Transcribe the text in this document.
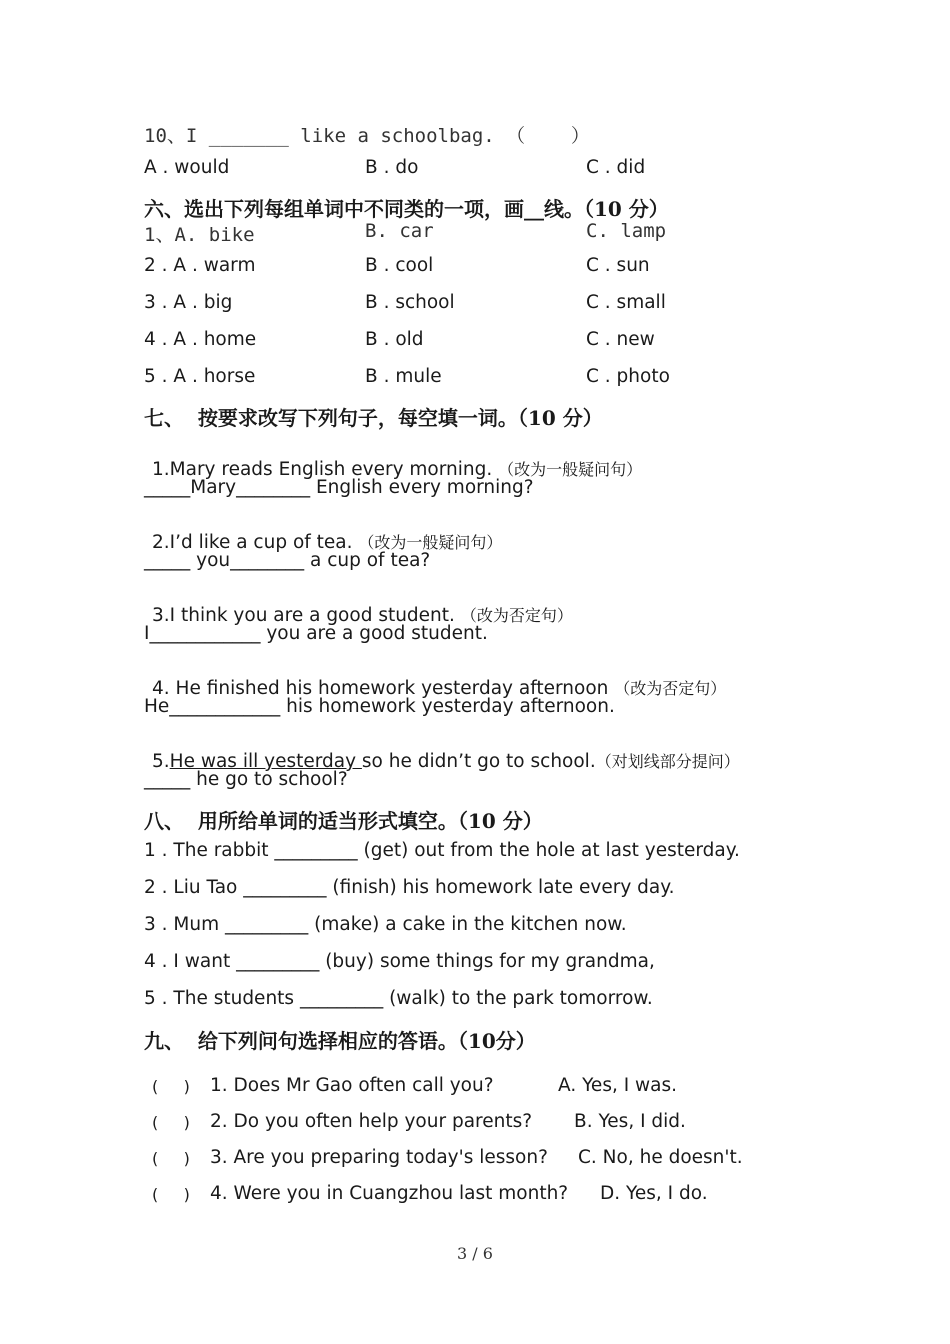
10、I _______ like a schoolbag. （    ）
A . would	B . do	C . did
六、选出下列每组单词中不同类的一项，画__线。（10 分）
1、A. bike	B. car	C. lamp
2 . A . warm	B . cool	C . sun
3 . A . big	B . school	C . small
4 . A . home	B . old	C . new
5 . A . horse	B . mule	C . photo
七、  按要求改写下列句子，每空填一词。（10 分）

1.Mary reads English every morning. （改为一般疑问句）

_____Mary________ English every morning?

2.I’d like a cup of tea. （改为一般疑问句）

_____ you________ a cup of tea?

3.I think you are a good student. （改为否定句）

I____________ you are a good student.

4. He finished his homework yesterday afternoon （改为否定句）

He____________ his homework yesterday afternoon.

5.He was ill yesterday so he didn’t go to school.（对划线部分提问）

_____ he go to school?
八、  用所给单词的适当形式填空。（10 分）
1 . The rabbit _________ (get) out from the hole at last yesterday.
2 . Liu Tao _________ (finish) his homework late every day.
3 . Mum _________ (make) a cake in the kitchen now.
4 . I want _________ (buy) some things for my grandma,
5 . The students _________ (walk) to the park tomorrow.
九、  给下列问句选择相应的答语。（10分）
(     ) 1. Does Mr Gao often call you?	A. Yes, I was.
(     ) 2. Do you often help your parents? B. Yes, I did.
(     ) 3. Are you preparing today's lesson? C. No, he doesn't.
(     ) 4. Were you in Cuangzhou last month? D. Yes, I do.
3 / 6
